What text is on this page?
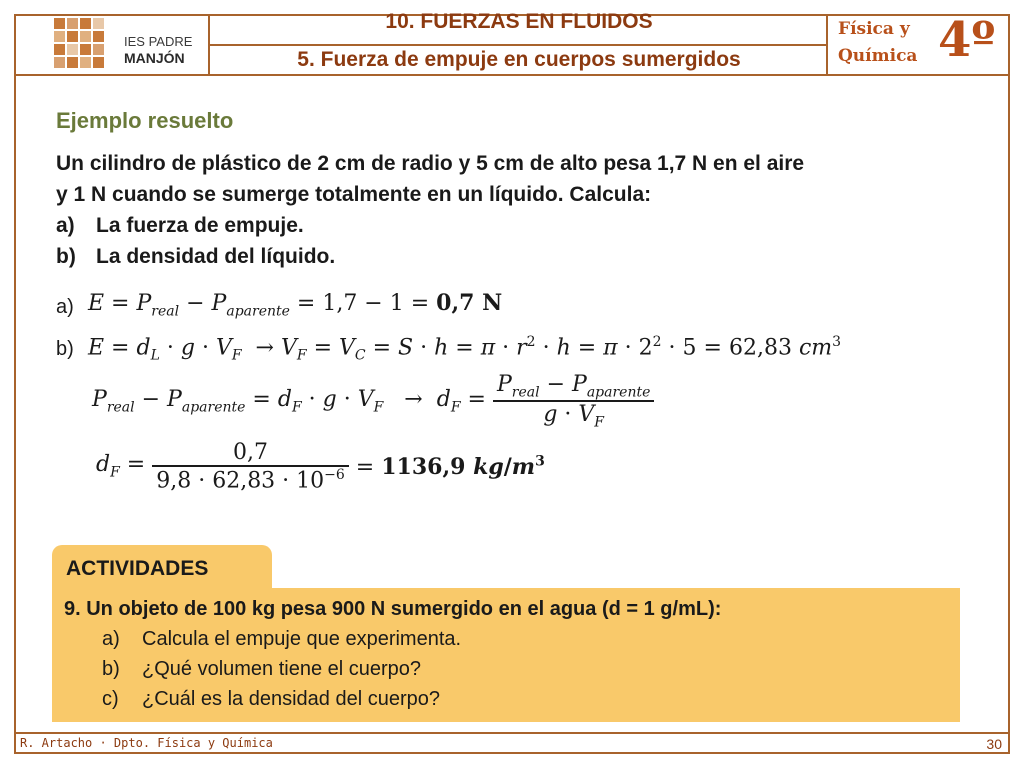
IES PADRE
MANJÓN
10. FUERZAS EN FLUIDOS
5. Fuerza de empuje en cuerpos sumergidos
Física y
Química 4º
Ejemplo resuelto
Un cilindro de plástico de 2 cm de radio y 5 cm de alto pesa 1,7 N en el aire
y 1 N cuando se sumerge totalmente en un líquido. Calcula:
a)	La fuerza de empuje.
b) La densidad del líquido.
a) $E = P_{real} - P_{aparente} = 1,7 - 1 = 0,7$ N
b) $E = d_L \cdot g \cdot V_F \to V_F = V_C = S \cdot h = \pi \cdot r^2 \cdot h = \pi \cdot 2^2 \cdot 5 = 62,83$ $cm^3$
$P_{real} - P_{aparente} = d_F \cdot g \cdot V_F \to d_F = \frac{P_{real} - P_{aparente}}{g \cdot V_F}$
$d_F = \frac{0,7}{9,8 \cdot 62,83 \cdot 10^{-6}} = 1136,9$ $kg/m^3$
ACTIVIDADES
9. Un objeto de 100 kg pesa 900 N sumergido en el agua (d = 1 g/mL):
a) Calcula el empuje que experimenta.
b) ¿Qué volumen tiene el cuerpo?
c) ¿Cuál es la densidad del cuerpo?
R. Artacho · Dpto. Física y Química	30
